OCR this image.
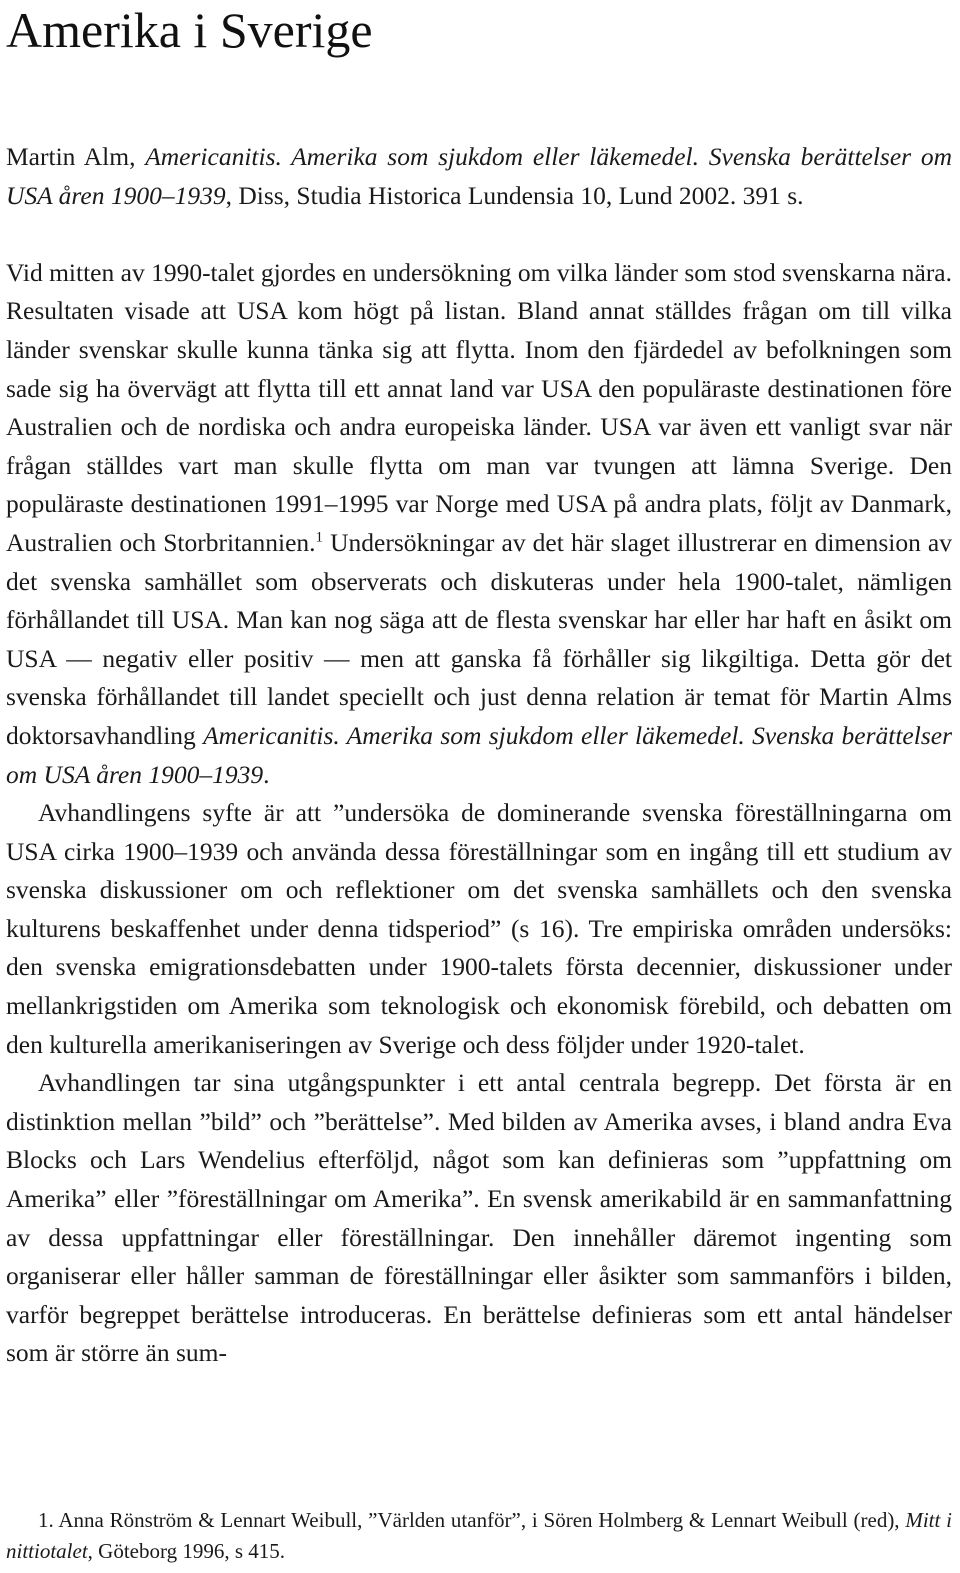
Amerika i Sverige

Martin Alm, Americanitis. Amerika som sjukdom eller läkemedel. Svenska berättelser om USA åren 1900–1939, Diss, Studia Historica Lundensia 10, Lund 2002. 391 s.

Vid mitten av 1990-talet gjordes en undersökning om vilka länder som stod svenskarna nära. Resultaten visade att USA kom högt på listan. Bland annat ställdes frågan om till vilka länder svenskar skulle kunna tänka sig att flytta. Inom den fjärdedel av befolkningen som sade sig ha övervägt att flytta till ett annat land var USA den populäraste destinationen före Australien och de nordiska och andra europeiska länder. USA var även ett vanligt svar när frågan ställdes vart man skulle flytta om man var tvungen att lämna Sverige. Den populäraste destinationen 1991–1995 var Norge med USA på andra plats, följt av Danmark, Australien och Storbritannien.$^1$ Undersökningar av det här slaget illustrerar en dimension av det svenska samhället som observerats och diskuteras under hela 1900-talet, nämligen förhållandet till USA. Man kan nog säga att de flesta svenskar har eller har haft en åsikt om USA — negativ eller positiv — men att ganska få förhåller sig likgiltiga. Detta gör det svenska förhållandet till landet speciellt och just denna relation är temat för Martin Alms doktorsavhandling Americanitis. Amerika som sjukdom eller läkemedel. Svenska berättelser om USA åren 1900–1939.

Avhandlingens syfte är att ”undersöka de dominerande svenska föreställningarna om USA cirka 1900–1939 och använda dessa föreställningar som en ingång till ett studium av svenska diskussioner om och reflektioner om det svenska samhällets och den svenska kulturens beskaffenhet under denna tidsperiod” (s 16). Tre empiriska områden undersöks: den svenska emigrationsdebatten under 1900-talets första decennier, diskussioner under mellankrigstiden om Amerika som teknologisk och ekonomisk förebild, och debatten om den kulturella amerikaniseringen av Sverige och dess följder under 1920-talet.

Avhandlingen tar sina utgångspunkter i ett antal centrala begrepp. Det första är en distinktion mellan ”bild” och ”berättelse”. Med bilden av Amerika avses, i bland andra Eva Blocks och Lars Wendelius efterföljd, något som kan definieras som ”uppfattning om Amerika” eller ”föreställningar om Amerika”. En svensk amerikabild är en sammanfattning av dessa uppfattningar eller föreställningar. Den innehåller däremot ingenting som organiserar eller håller samman de föreställningar eller åsikter som sammanförs i bilden, varför begreppet berättelse introduceras. En berättelse definieras som ett antal händelser som är större än sum-

1. Anna Rönström & Lennart Weibull, ”Världen utanför”, i Sören Holmberg & Lennart Weibull (red), Mitt i nittiotalet, Göteborg 1996, s 415.
